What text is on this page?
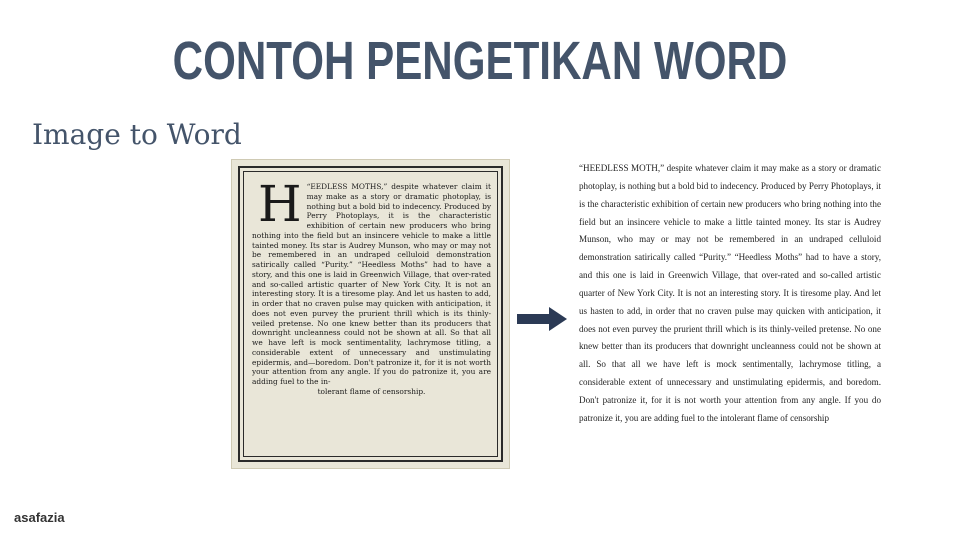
CONTOH PENGETIKAN WORD
Image to Word
H “EEDLESS MOTHS,” despite whatever claim it may make as a story or dramatic photoplay, is nothing but a bold bid to indecency. Produced by Perry Photoplays, it is the characteristic exhibition of certain new producers who bring nothing into the field but an insincere vehicle to make a little tainted money. Its star is Audrey Munson, who may or may not be remembered in an undraped celluloid demonstration satirically called “Purity.” “Heedless Moths” had to have a story, and this one is laid in Greenwich Village, that over-rated and so-called artistic quarter of New York City. It is not an interesting story. It is a tiresome play. And let us hasten to add, in order that no craven pulse may quicken with anticipation, it does not even purvey the prurient thrill which is its thinly-veiled pretense. No one knew better than its producers that downright uncleanness could not be shown at all. So that all we have left is mock sentimentality, lachrymose titling, a considerable extent of unnecessary and unstimulating epidermis, and—boredom. Don't patronize it, for it is not worth your attention from any angle. If you do patronize it, you are adding fuel to the in-
tolerant flame of censorship.
“HEEDLESS MOTH,” despite whatever claim it may make as a story or dramatic photoplay, is nothing but a bold bid to indecency. Produced by Perry Photoplays, it is the characteristic exhibition of certain new producers who bring nothing into the field but an insincere vehicle to make a little tainted money. Its star is Audrey Munson, who may or may not be remembered in an undraped celluloid demonstration satirically called “Purity.” “Heedless Moths” had to have a story, and this one is laid in Greenwich Village, that over-rated and so-called artistic quarter of New York City. It is not an interesting story. It is tiresome play. And let us hasten to add, in order that no craven pulse may quicken with anticipation, it does not even purvey the prurient thrill which is its thinly-veiled pretense. No one knew better than its producers that downright uncleanness could not be shown at all. So that all we have left is mock sentimentally, lachrymose titling, a considerable extent of unnecessary and unstimulating epidermis, and boredom. Don't patronize it, for it is not worth your attention from any angle. If you do patronize it, you are adding fuel to the intolerant flame of censorship
asafazia
